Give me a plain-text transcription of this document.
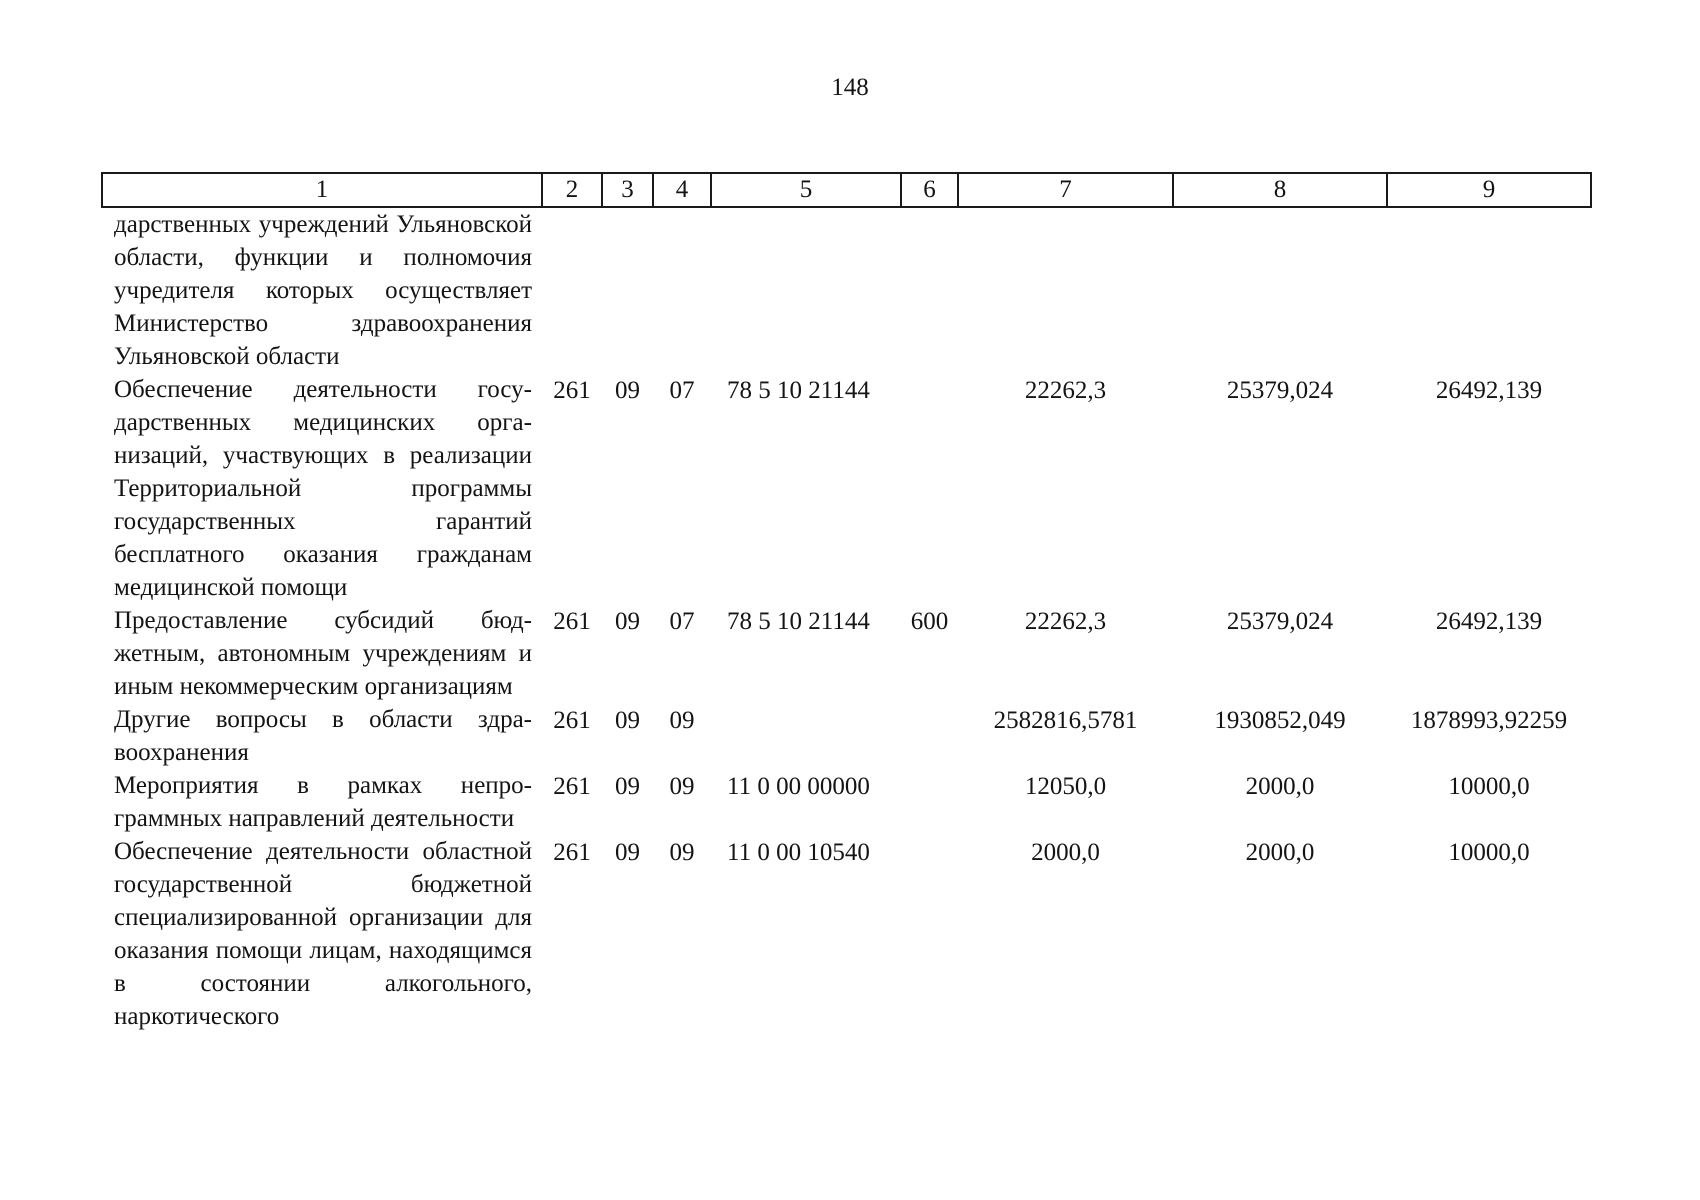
148
1	2	3	4	5	6	7	8	9
дарственных учреждений Ульяновской области, функции и полномочия учредителя которых осуществляет Министерство здравоохранения Ульяновской области								
Обеспечение деятельности государственных медицинских организаций, участвующих в реализации Территориальной программы государственных гарантий бесплатного оказания гражданам медицинской помощи	261	09	07	78 5 10 21144		22262,3	25379,024	26492,139
Предоставление субсидий бюджетным, автономным учреждениям и иным некоммерческим организациям	261	09	07	78 5 10 21144	600	22262,3	25379,024	26492,139
Другие вопросы в области здравоохранения	261	09	09			2582816,5781	1930852,049	1878993,92259
Мероприятия в рамках непрограммных направлений деятельности	261	09	09	11 0 00 00000		12050,0	2000,0	10000,0
Обеспечение деятельности областной государственной бюджетной специализированной организации для оказания помощи лицам, находящимся в состоянии алкогольного, наркотического	261	09	09	11 0 00 10540		2000,0	2000,0	10000,0
